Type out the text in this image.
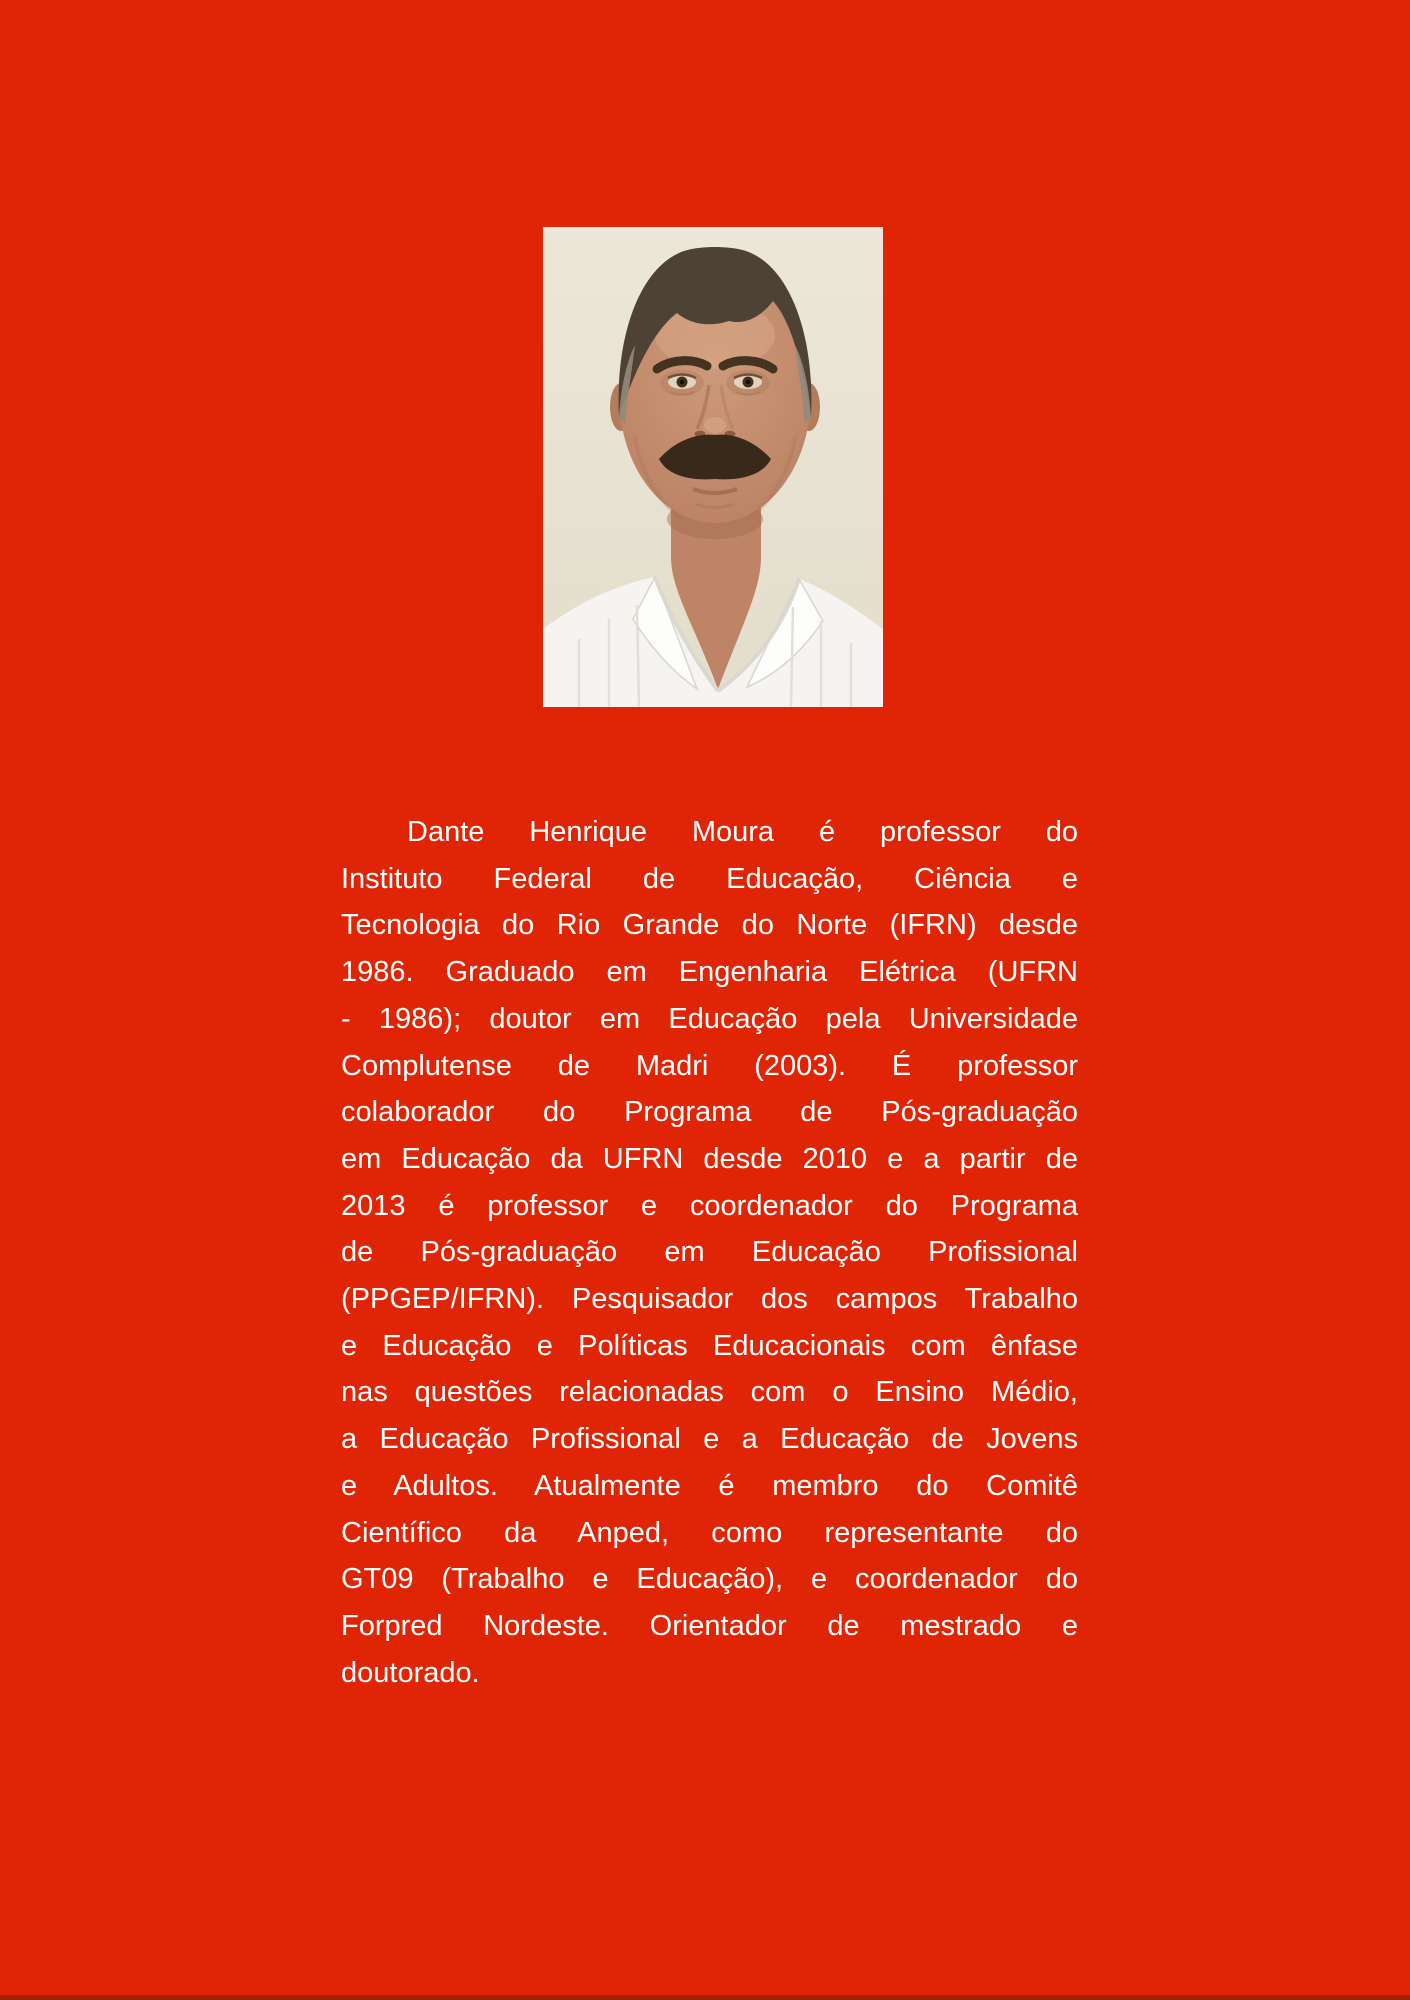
Dante Henrique Moura é professor do
Instituto Federal de Educação, Ciência e
Tecnologia do Rio Grande do Norte (IFRN) desde
1986. Graduado em Engenharia Elétrica (UFRN
- 1986); doutor em Educação pela Universidade
Complutense de Madri (2003). É professor
colaborador do Programa de Pós-graduação
em Educação da UFRN desde 2010 e a partir de
2013 é professor e coordenador do Programa
de Pós-graduação em Educação Profissional
(PPGEP/IFRN). Pesquisador dos campos Trabalho
e Educação e Políticas Educacionais com ênfase
nas questões relacionadas com o Ensino Médio,
a Educação Profissional e a Educação de Jovens
e Adultos. Atualmente é membro do Comitê
Científico da Anped, como representante do
GT09 (Trabalho e Educação), e coordenador do
Forpred Nordeste. Orientador de mestrado e
doutorado.
